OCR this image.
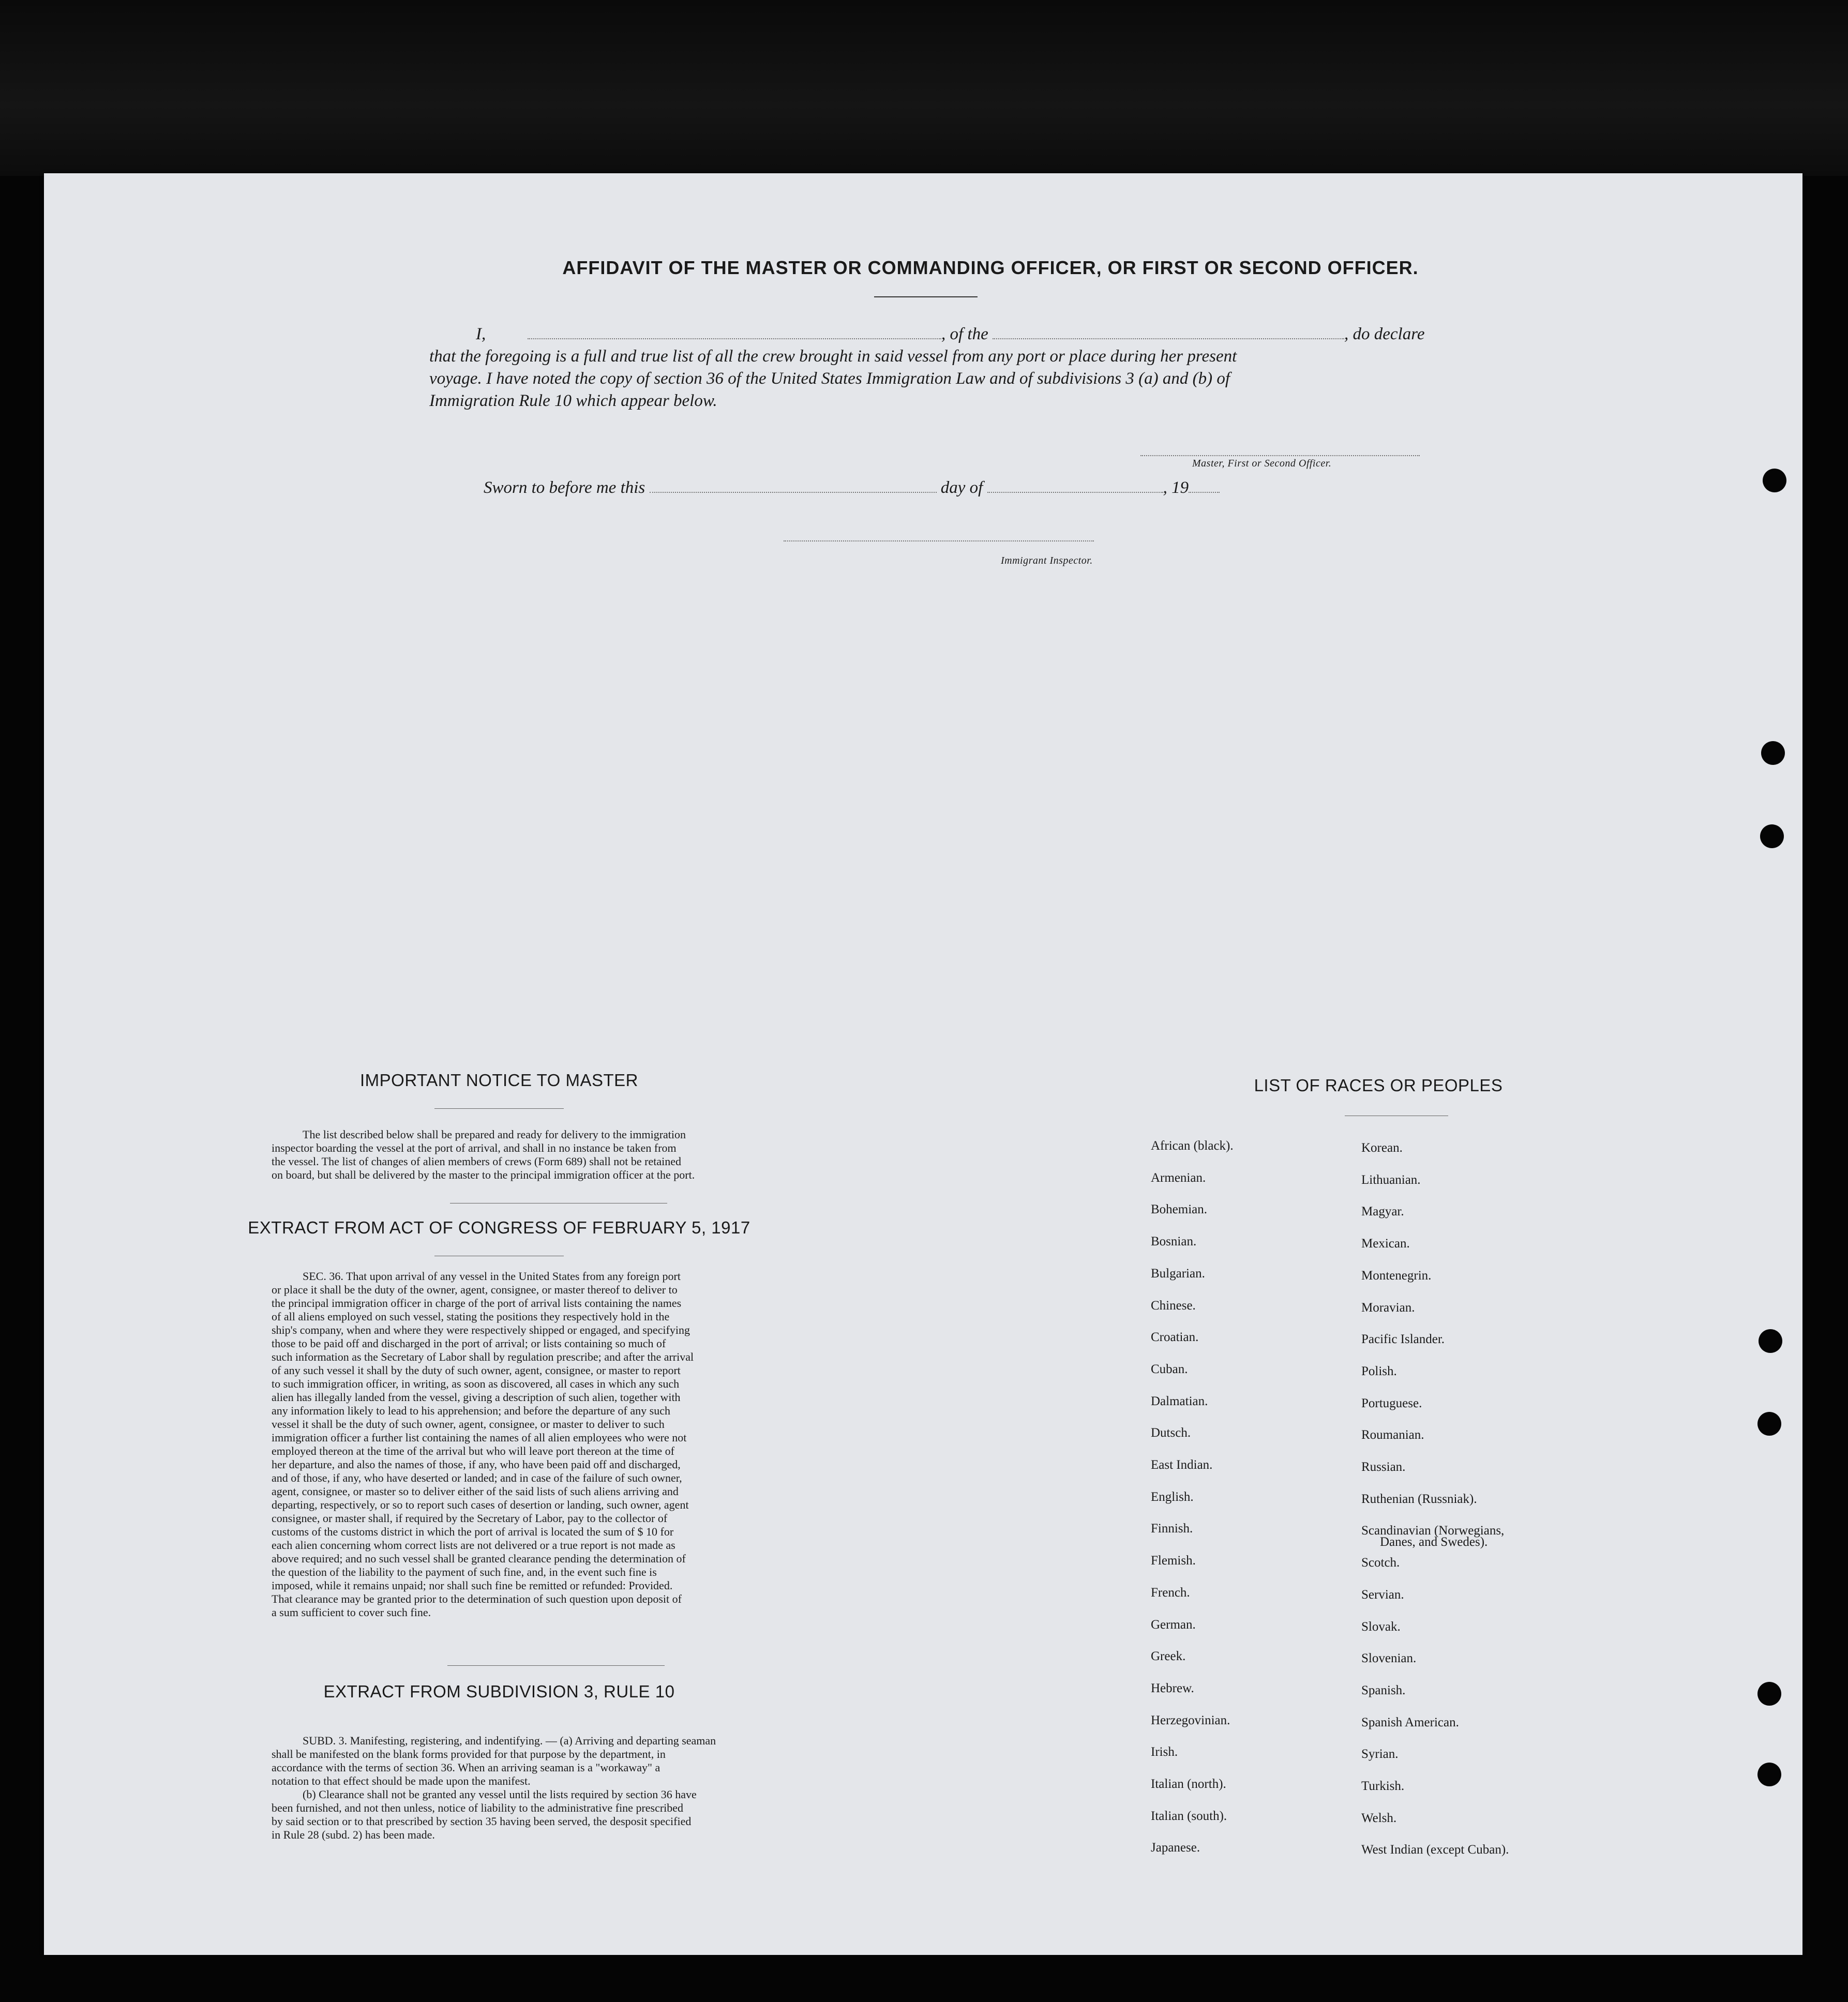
AFFIDAVIT OF THE MASTER OR COMMANDING OFFICER, OR FIRST OR SECOND OFFICER.
I,	, of the	, do declare
that the foregoing is a full and true list of all the crew brought in said vessel from any port or place during her present
voyage. I have noted the copy of section 36 of the United States Immigration Law and of subdivisions 3 (a) and (b) of
Immigration Rule 10 which appear below.
Master, First or Second Officer.
Sworn to before me this	day of	, 19
Immigrant Inspector.
IMPORTANT NOTICE TO MASTER
The list described below shall be prepared and ready for delivery to the immigration
inspector boarding the vessel at the port of arrival, and shall in no instance be taken from
the vessel. The list of changes of alien members of crews (Form 689) shall not be retained
on board, but shall be delivered by the master to the principal immigration officer at the port.
EXTRACT FROM ACT OF CONGRESS OF FEBRUARY 5, 1917
SEC. 36. That upon arrival of any vessel in the United States from any foreign port
or place it shall be the duty of the owner, agent, consignee, or master thereof to deliver to
the principal immigration officer in charge of the port of arrival lists containing the names
of all aliens employed on such vessel, stating the positions they respectively hold in the
ship's company, when and where they were respectively shipped or engaged, and specifying
those to be paid off and discharged in the port of arrival; or lists containing so much of
such information as the Secretary of Labor shall by regulation prescribe; and after the arrival
of any such vessel it shall by the duty of such owner, agent, consignee, or master to report
to such immigration officer, in writing, as soon as discovered, all cases in which any such
alien has illegally landed from the vessel, giving a description of such alien, together with
any information likely to lead to his apprehension; and before the departure of any such
vessel it shall be the duty of such owner, agent, consignee, or master to deliver to such
immigration officer a further list containing the names of all alien employees who were not
employed thereon at the time of the arrival but who will leave port thereon at the time of
her departure, and also the names of those, if any, who have been paid off and discharged,
and of those, if any, who have deserted or landed; and in case of the failure of such owner,
agent, consignee, or master so to deliver either of the said lists of such aliens arriving and
departing, respectively, or so to report such cases of desertion or landing, such owner, agent
consignee, or master shall, if required by the Secretary of Labor, pay to the collector of
customs of the customs district in which the port of arrival is located the sum of $ 10 for
each alien concerning whom correct lists are not delivered or a true report is not made as
above required; and no such vessel shall be granted clearance pending the determination of
the question of the liability to the payment of such fine, and, in the event such fine is
imposed, while it remains unpaid; nor shall such fine be remitted or refunded: Provided.
That clearance may be granted prior to the determination of such question upon deposit of
a sum sufficient to cover such fine.
EXTRACT FROM SUBDIVISION 3, RULE 10
SUBD. 3. Manifesting, registering, and indentifying. — (a) Arriving and departing seaman
shall be manifested on the blank forms provided for that purpose by the department, in
accordance with the terms of section 36. When an arriving seaman is a "workaway" a
notation to that effect should be made upon the manifest.
(b) Clearance shall not be granted any vessel until the lists required by section 36 have
been furnished, and not then unless, notice of liability to the administrative fine prescribed
by said section or to that prescribed by section 35 having been served, the desposit specified
in Rule 28 (subd. 2) has been made.
LIST OF RACES OR PEOPLES
African (black).
Armenian.
Bohemian.
Bosnian.
Bulgarian.
Chinese.
Croatian.
Cuban.
Dalmatian.
Dutsch.
East Indian.
English.
Finnish.
Flemish.
French.
German.
Greek.
Hebrew.
Herzegovinian.
Irish.
Italian (north).
Italian (south).
Japanese.
Korean.
Lithuanian.
Magyar.
Mexican.
Montenegrin.
Moravian.
Pacific Islander.
Polish.
Portuguese.
Roumanian.
Russian.
Ruthenian (Russniak).
Scandinavian (Norwegians,
Scotch.
Servian.
Slovak.
Slovenian.
Spanish.
Spanish American.
Syrian.
Turkish.
Welsh.
West Indian (except Cuban).
Danes, and Swedes).
